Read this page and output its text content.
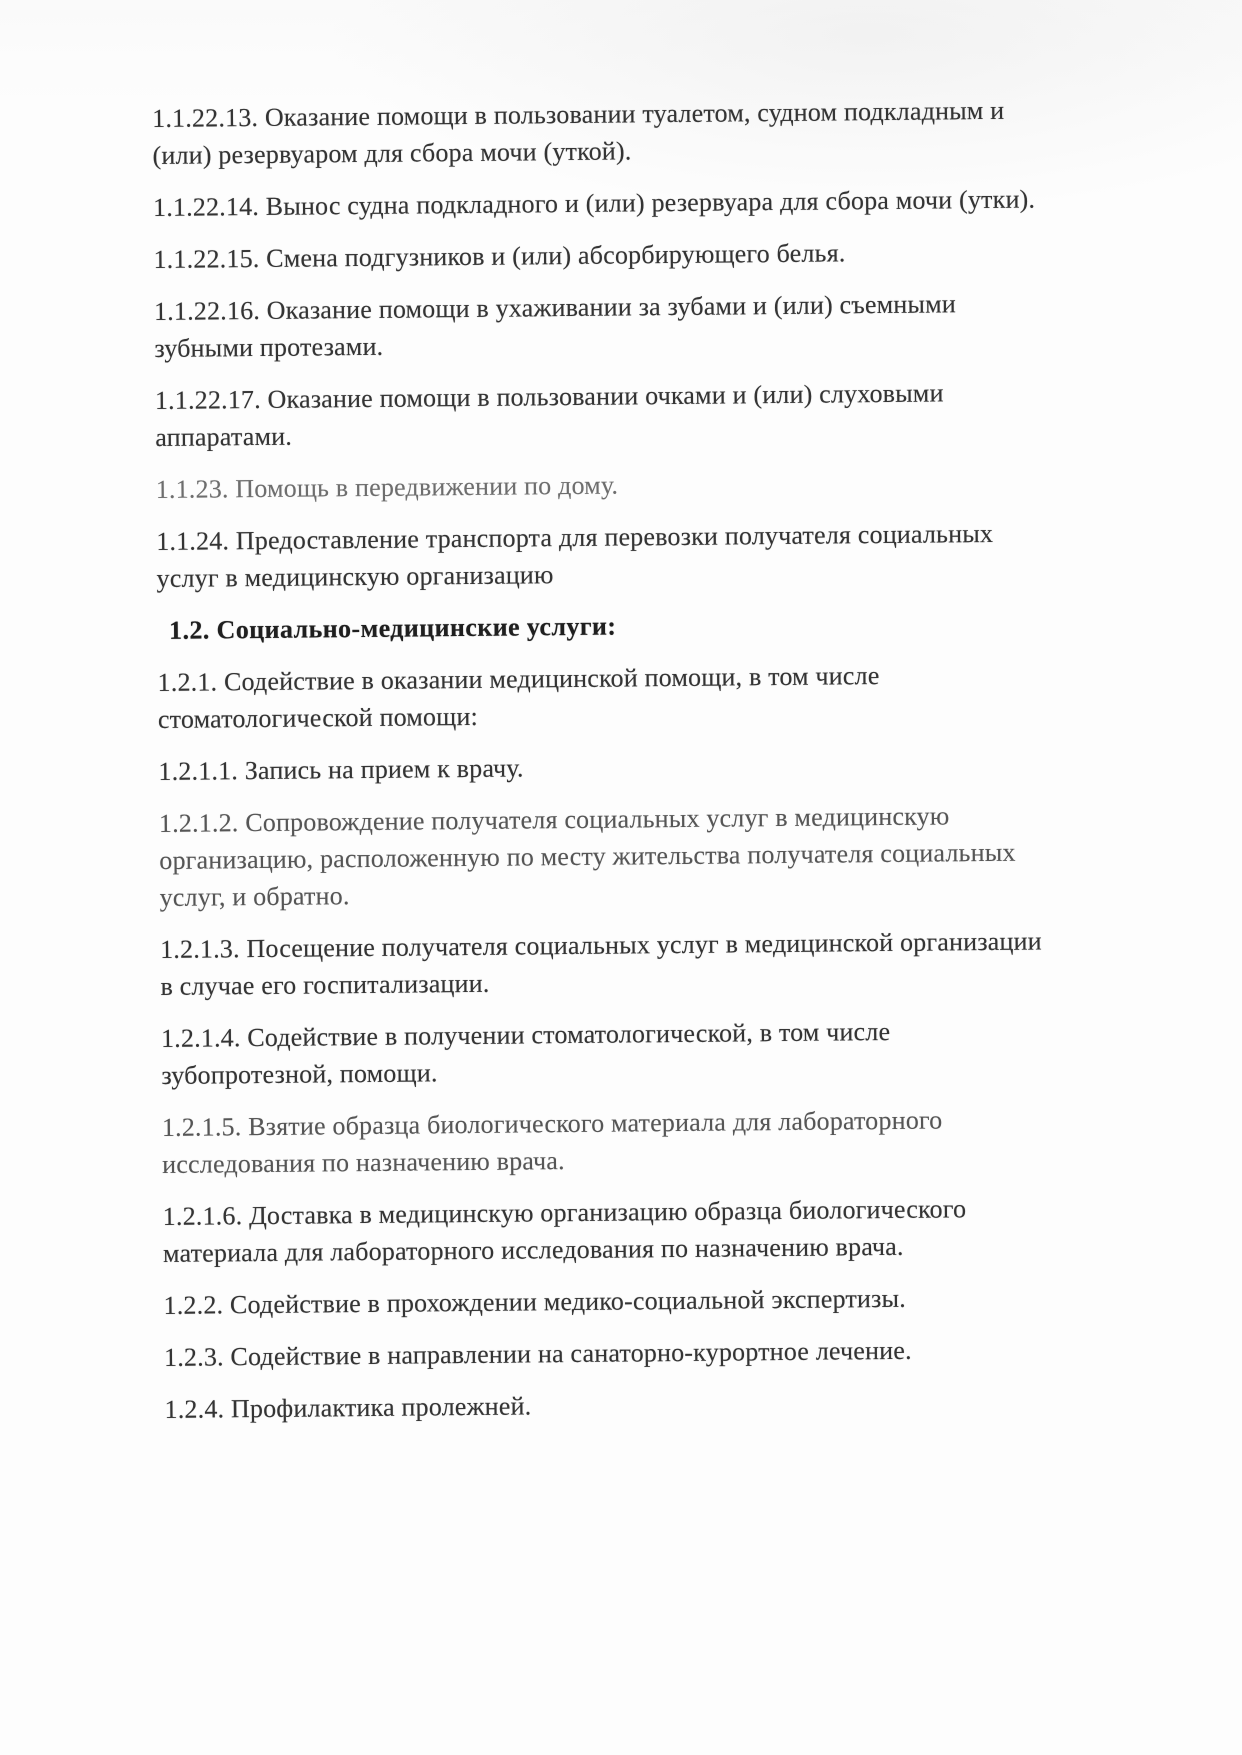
1.1.22.13. Оказание помощи в пользовании туалетом, судном подкладным и (или) резервуаром для сбора мочи (уткой).

1.1.22.14. Вынос судна подкладного и (или) резервуара для сбора мочи (утки).

1.1.22.15. Смена подгузников и (или) абсорбирующего белья.

1.1.22.16. Оказание помощи в ухаживании за зубами и (или) съемными зубными протезами.

1.1.22.17. Оказание помощи в пользовании очками и (или) слуховыми аппаратами.

1.1.23. Помощь в передвижении по дому.

1.1.24. Предоставление транспорта для перевозки получателя социальных услуг в медицинскую организацию

1.2. Социально-медицинские услуги:

1.2.1. Содействие в оказании медицинской помощи, в том числе стоматологической помощи:

1.2.1.1. Запись на прием к врачу.

1.2.1.2. Сопровождение получателя социальных услуг в медицинскую организацию, расположенную по месту жительства получателя социальных услуг, и обратно.

1.2.1.3. Посещение получателя социальных услуг в медицинской организации в случае его госпитализации.

1.2.1.4. Содействие в получении стоматологической, в том числе зубопротезной, помощи.

1.2.1.5. Взятие образца биологического материала для лабораторного исследования по назначению врача.

1.2.1.6. Доставка в медицинскую организацию образца биологического материала для лабораторного исследования по назначению врача.

1.2.2. Содействие в прохождении медико-социальной экспертизы.

1.2.3. Содействие в направлении на санаторно-курортное лечение.

1.2.4. Профилактика пролежней.
